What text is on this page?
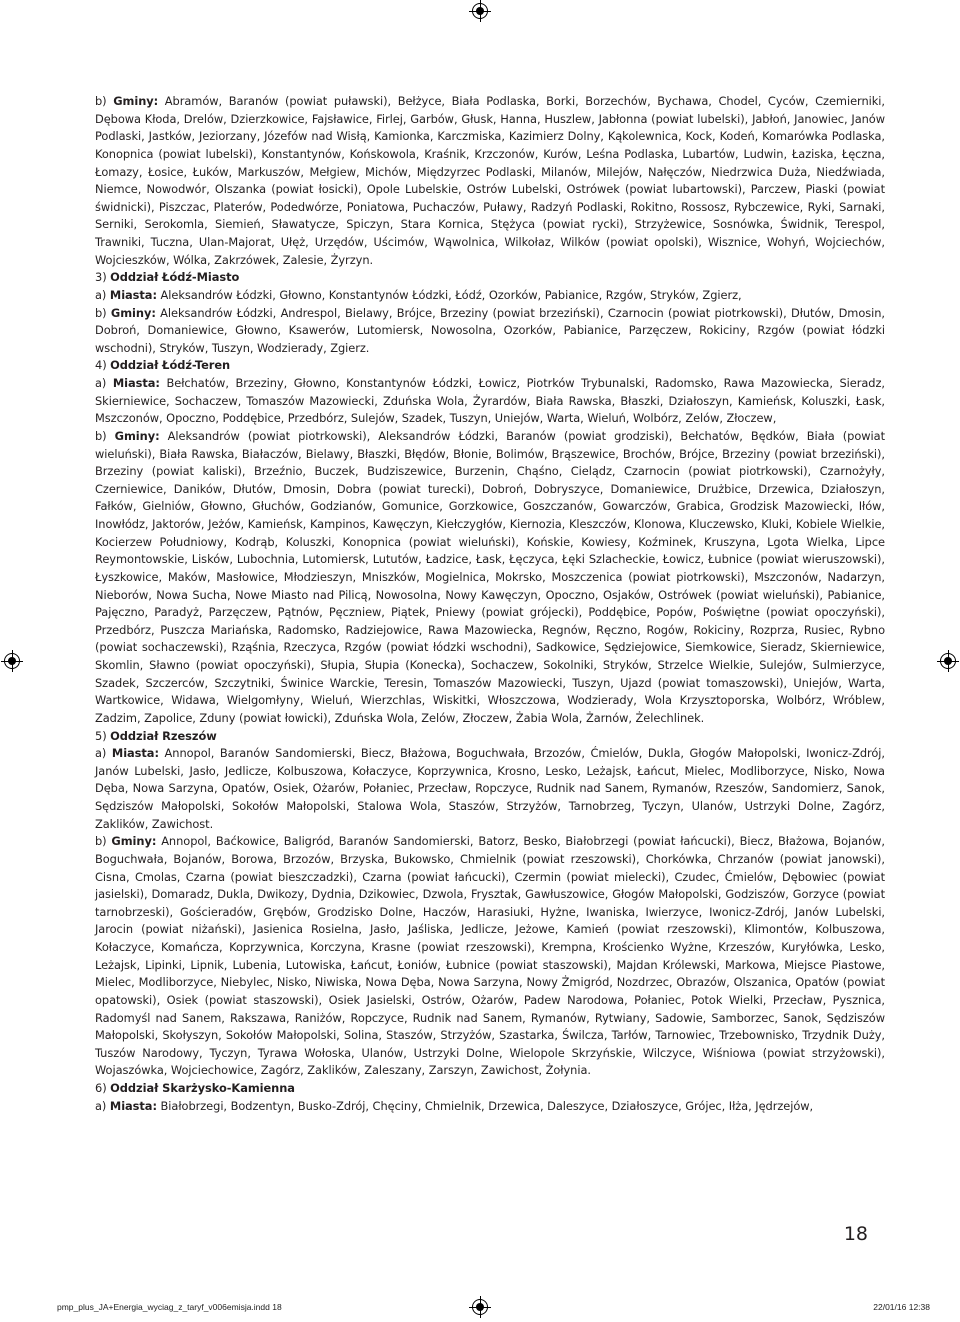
b) Gminy: Abramów, Baranów (powiat puławski), Bełżyce, Biała Podlaska, Borki, Borzechów, Bychawa, Chodel, Cyców, Czemierniki, Dębowa Kłoda, Drelów, Dzierzkowice, Fajsławice, Firlej, Garbów, Głusk, Hanna, Huszlew, Jabłonna (powiat lubelski), Jabłoń, Janowiec, Janów Podlaski, Jastków, Jeziorzany, Józefów nad Wisłą, Kamionka, Karczmiska, Kazimierz Dolny, Kąkolewnica, Kock, Kodeń, Komarówka Podlaska, Konopnica (powiat lubelski), Konstantynów, Końskowola, Kraśnik, Krzczonów, Kurów, Leśna Podlaska, Lubartów, Ludwin, Łaziska, Łęczna, Łomazy, Łosice, Łuków, Markuszów, Mełgiew, Michów, Międzyrzec Podlaski, Milanów, Milejów, Nałęczów, Niedrzwica Duża, Niedźwiada, Niemce, Nowodwór, Olszanka (powiat łosicki), Opole Lubelskie, Ostrów Lubelski, Ostrówek (powiat lubartowski), Parczew, Piaski (powiat świdnicki), Piszczac, Platerów, Podedwórze, Poniatowa, Puchaczów, Puławy, Radzyń Podlaski, Rokitno, Rossosz, Rybczewice, Ryki, Sarnaki, Serniki, Serokomla, Siemień, Sławatycze, Spiczyn, Stara Kornica, Stężyca (powiat rycki), Strzyżewice, Sosnówka, Świdnik, Terespol, Trawniki, Tuczna, Ulan-Majorat, Ułęż, Urzędów, Uścimów, Wąwolnica, Wilkołaz, Wilków (powiat opolski), Wisznice, Wohyń, Wojciechów, Wojcieszków, Wólka, Zakrzówek, Zalesie, Żyrzyn.

3) Oddział Łódź-Miasto

a) Miasta: Aleksandrów Łódzki, Głowno, Konstantynów Łódzki, Łódź, Ozorków, Pabianice, Rzgów, Stryków, Zgierz,

b) Gminy: Aleksandrów Łódzki, Andrespol, Bielawy, Brójce, Brzeziny (powiat brzeziński), Czarnocin (powiat piotrkowski), Dłutów, Dmosin, Dobroń, Domaniewice, Głowno, Ksawerów, Lutomiersk, Nowosolna, Ozorków, Pabianice, Parzęczew, Rokiciny, Rzgów (powiat łódzki wschodni), Stryków, Tuszyn, Wodzierady, Zgierz.

4) Oddział Łódź-Teren

a) Miasta: Bełchatów, Brzeziny, Głowno, Konstantynów Łódzki, Łowicz, Piotrków Trybunalski, Radomsko, Rawa Mazowiecka, Sieradz, Skierniewice, Sochaczew, Tomaszów Mazowiecki, Zduńska Wola, Żyrardów, Biała Rawska, Błaszki, Działoszyn, Kamieńsk, Koluszki, Łask, Mszczonów, Opoczno, Poddębice, Przedbórz, Sulejów, Szadek, Tuszyn, Uniejów, Warta, Wieluń, Wolbórz, Zelów, Złoczew,

b) Gminy: Aleksandrów (powiat piotrkowski), Aleksandrów Łódzki, Baranów (powiat grodziski), Bełchatów, Będków, Biała (powiat wieluński), Biała Rawska, Białaczów, Bielawy, Błaszki, Błędów, Błonie, Bolimów, Brąszewice, Brochów, Brójce, Brzeziny (powiat brzeziński), Brzeziny (powiat kaliski), Brzeźnio, Buczek, Budziszewice, Burzenin, Chąśno, Cielądz, Czarnocin (powiat piotrkowski), Czarnożyły, Czerniewice, Daników, Dłutów, Dmosin, Dobra (powiat turecki), Dobroń, Dobryszyce, Domaniewice, Drużbice, Drzewica, Działoszyn, Fałków, Gielniów, Głowno, Głuchów, Godzianów, Gomunice, Gorzkowice, Goszczanów, Gowarczów, Grabica, Grodzisk Mazowiecki, Iłów, Inowłódz, Jaktorów, Jeżów, Kamieńsk, Kampinos, Kawęczyn, Kiełczygłów, Kiernozia, Kleszczów, Klonowa, Kluczewsko, Kluki, Kobiele Wielkie, Kocierzew Południowy, Kodrąb, Koluszki, Konopnica (powiat wieluński), Końskie, Kowiesy, Koźminek, Kruszyna, Lgota Wielka, Lipce Reymontowskie, Lisków, Lubochnia, Lutomiersk, Lututów, Ładzice, Łask, Łęczyca, Łęki Szlacheckie, Łowicz, Łubnice (powiat wieruszowski), Łyszkowice, Maków, Masłowice, Młodzieszyn, Mniszków, Mogielnica, Mokrsko, Moszczenica (powiat piotrkowski), Mszczonów, Nadarzyn, Nieborów, Nowa Sucha, Nowe Miasto nad Pilicą, Nowosolna, Nowy Kawęczyn, Opoczno, Osjaków, Ostrówek (powiat wieluński), Pabianice, Pajęczno, Paradyż, Parzęczew, Pątnów, Pęczniew, Piątek, Pniewy (powiat grójecki), Poddębice, Popów, Poświętne (powiat opoczyński), Przedbórz, Puszcza Mariańska, Radomsko, Radziejowice, Rawa Mazowiecka, Regnów, Ręczno, Rogów, Rokiciny, Rozprza, Rusiec, Rybno (powiat sochaczewski), Rząśnia, Rzeczyca, Rzgów (powiat łódzki wschodni), Sadkowice, Sędziejowice, Siemkowice, Sieradz, Skierniewice, Skomlin, Sławno (powiat opoczyński), Słupia, Słupia (Konecka), Sochaczew, Sokolniki, Stryków, Strzelce Wielkie, Sulejów, Sulmierzyce, Szadek, Szczerców, Szczytniki, Świnice Warckie, Teresin, Tomaszów Mazowiecki, Tuszyn, Ujazd (powiat tomaszowski), Uniejów, Warta, Wartkowice, Widawa, Wielgomłyny, Wieluń, Wierzchlas, Wiskitki, Włoszczowa, Wodzierady, Wola Krzysztoporska, Wolbórz, Wróblew, Zadzim, Zapolice, Zduny (powiat łowicki), Zduńska Wola, Zelów, Złoczew, Żabia Wola, Żarnów, Żelechlinek.

5) Oddział Rzeszów

a) Miasta: Annopol, Baranów Sandomierski, Biecz, Błażowa, Boguchwała, Brzozów, Ćmielów, Dukla, Głogów Małopolski, Iwonicz-Zdrój, Janów Lubelski, Jasło, Jedlicze, Kolbuszowa, Kołaczyce, Koprzywnica, Krosno, Lesko, Leżajsk, Łańcut, Mielec, Modliborzyce, Nisko, Nowa Dęba, Nowa Sarzyna, Opatów, Osiek, Ożarów, Połaniec, Przecław, Ropczyce, Rudnik nad Sanem, Rymanów, Rzeszów, Sandomierz, Sanok, Sędziszów Małopolski, Sokołów Małopolski, Stalowa Wola, Staszów, Strzyżów, Tarnobrzeg, Tyczyn, Ulanów, Ustrzyki Dolne, Zagórz, Zaklików, Zawichost.

b) Gminy: Annopol, Baćkowice, Baligród, Baranów Sandomierski, Batorz, Besko, Białobrzegi (powiat łańcucki), Biecz, Błażowa, Bojanów, Boguchwała, Bojanów, Borowa, Brzozów, Brzyska, Bukowsko, Chmielnik (powiat rzeszowski), Chorkówka, Chrzanów (powiat janowski), Cisna, Cmolas, Czarna (powiat bieszczadzki), Czarna (powiat łańcucki), Czermin (powiat mielecki), Czudec, Ćmielów, Dębowiec (powiat jasielski), Domaradz, Dukla, Dwikozy, Dydnia, Dzikowiec, Dzwola, Frysztak, Gawłuszowice, Głogów Małopolski, Godziszów, Gorzyce (powiat tarnobrzeski), Gościeradów, Grębów, Grodzisko Dolne, Haczów, Harasiuki, Hyżne, Iwaniska, Iwierzyce, Iwonicz-Zdrój, Janów Lubelski, Jarocin (powiat niżański), Jasienica Rosielna, Jasło, Jaśliska, Jedlicze, Jeżowe, Kamień (powiat rzeszowski), Klimontów, Kolbuszowa, Kołaczyce, Komańcza, Koprzywnica, Korczyna, Krasne (powiat rzeszowski), Krempna, Krościenko Wyżne, Krzeszów, Kuryłówka, Lesko, Leżajsk, Lipinki, Lipnik, Lubenia, Lutowiska, Łańcut, Łoniów, Łubnice (powiat staszowski), Majdan Królewski, Markowa, Miejsce Piastowe, Mielec, Modliborzyce, Niebylec, Nisko, Niwiska, Nowa Dęba, Nowa Sarzyna, Nowy Żmigród, Nozdrzec, Obrazów, Olszanica, Opatów (powiat opatowski), Osiek (powiat staszowski), Osiek Jasielski, Ostrów, Ożarów, Padew Narodowa, Połaniec, Potok Wielki, Przecław, Pysznica, Radomyśl nad Sanem, Rakszawa, Raniżów, Ropczyce, Rudnik nad Sanem, Rymanów, Rytwiany, Sadowie, Samborzec, Sanok, Sędziszów Małopolski, Skołyszyn, Sokołów Małopolski, Solina, Staszów, Strzyżów, Szastarka, Świlcza, Tarłów, Tarnowiec, Trzebownisko, Trzydnik Duży, Tuszów Narodowy, Tyczyn, Tyrawa Wołoska, Ulanów, Ustrzyki Dolne, Wielopole Skrzyńskie, Wilczyce, Wiśniowa (powiat strzyżowski), Wojaszówka, Wojciechowice, Zagórz, Zaklików, Zaleszany, Zarszyn, Zawichost, Żołynia.

6) Oddział Skarżysko-Kamienna

a) Miasta: Białobrzegi, Bodzentyn, Busko-Zdrój, Chęciny, Chmielnik, Drzewica, Daleszyce, Działoszyce, Grójec, Iłża, Jędrzejów,

18
pmp_plus_JA+Energia_wyciag_z_taryf_v006emisja.indd 18	22/01/16 12:38
